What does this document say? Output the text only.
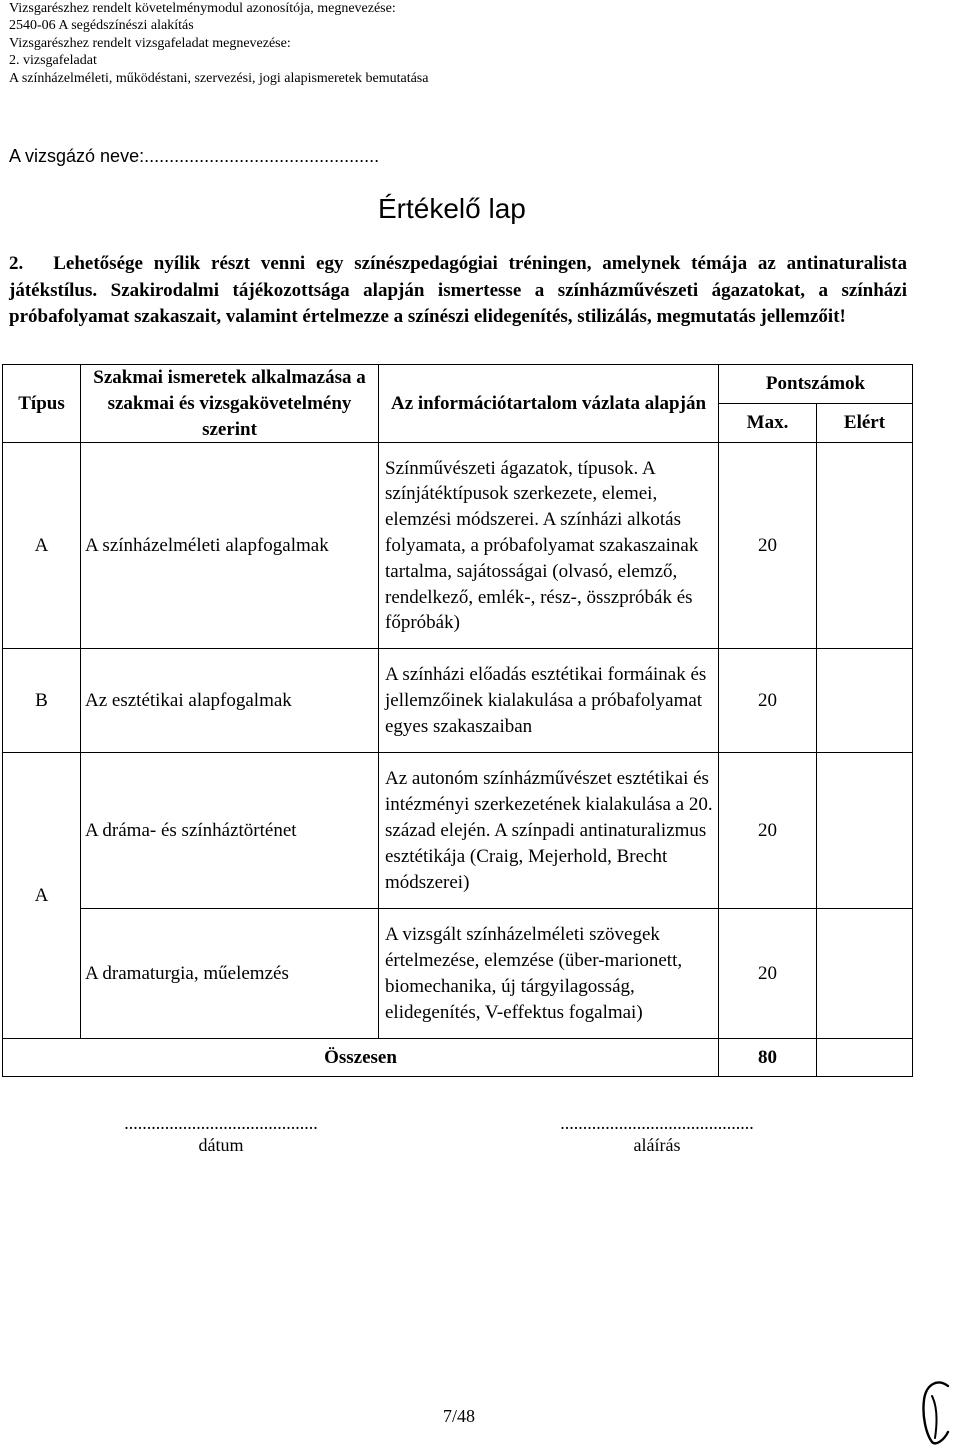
Vizsgarészhez rendelt követelménymodul azonosítója, megnevezése:
2540-06 A segédszínészi alakítás
Vizsgarészhez rendelt vizsgafeladat megnevezése:
2. vizsgafeladat
A színházelméleti, működéstani, szervezési, jogi alapismeretek bemutatása
A vizsgázó neve:...............................................
Értékelő lap
2. Lehetősége nyílik részt venni egy színészpedagógiai tréningen, amelynek témája az antinaturalista játékstílus. Szakirodalmi tájékozottsága alapján ismertesse a színházművészeti ágazatokat, a színházi próbafolyamat szakaszait, valamint értelmezze a színészi elidegenítés, stilizálás, megmutatás jellemzőit!
Típus	Szakmai ismeretek alkalmazása a szakmai és vizsgakövetelmény szerint	Az információtartalom vázlata alapján	Pontszámok	
			Max.	Elért
A	A színházelméleti alapfogalmak	Színművészeti ágazatok, típusok. A színjátéktípusok szerkezete, elemei, elemzési módszerei. A színházi alkotás folyamata, a próbafolyamat szakaszainak tartalma, sajátosságai (olvasó, elemző, rendelkező, emlék-, rész-, összpróbák és főpróbák)	20	
B	Az esztétikai alapfogalmak	A színházi előadás esztétikai formáinak és jellemzőinek kialakulása a próbafolyamat egyes szakaszaiban	20	
A	A dráma- és színháztörténet	Az autonóm színházművészet esztétikai és intézményi szerkezetének kialakulása a 20. század elején. A színpadi antinaturalizmus esztétikája (Craig, Mejerhold, Brecht módszerei)	20	
	A dramaturgia, műelemzés	A vizsgált színházelméleti szövegek értelmezése, elemzése (über-marionett, biomechanika, új tárgyilagosság, elidegenítés, V-effektus fogalmai)	20	
Összesen			80	
...........................................
dátum
...........................................
aláírás
7/48
